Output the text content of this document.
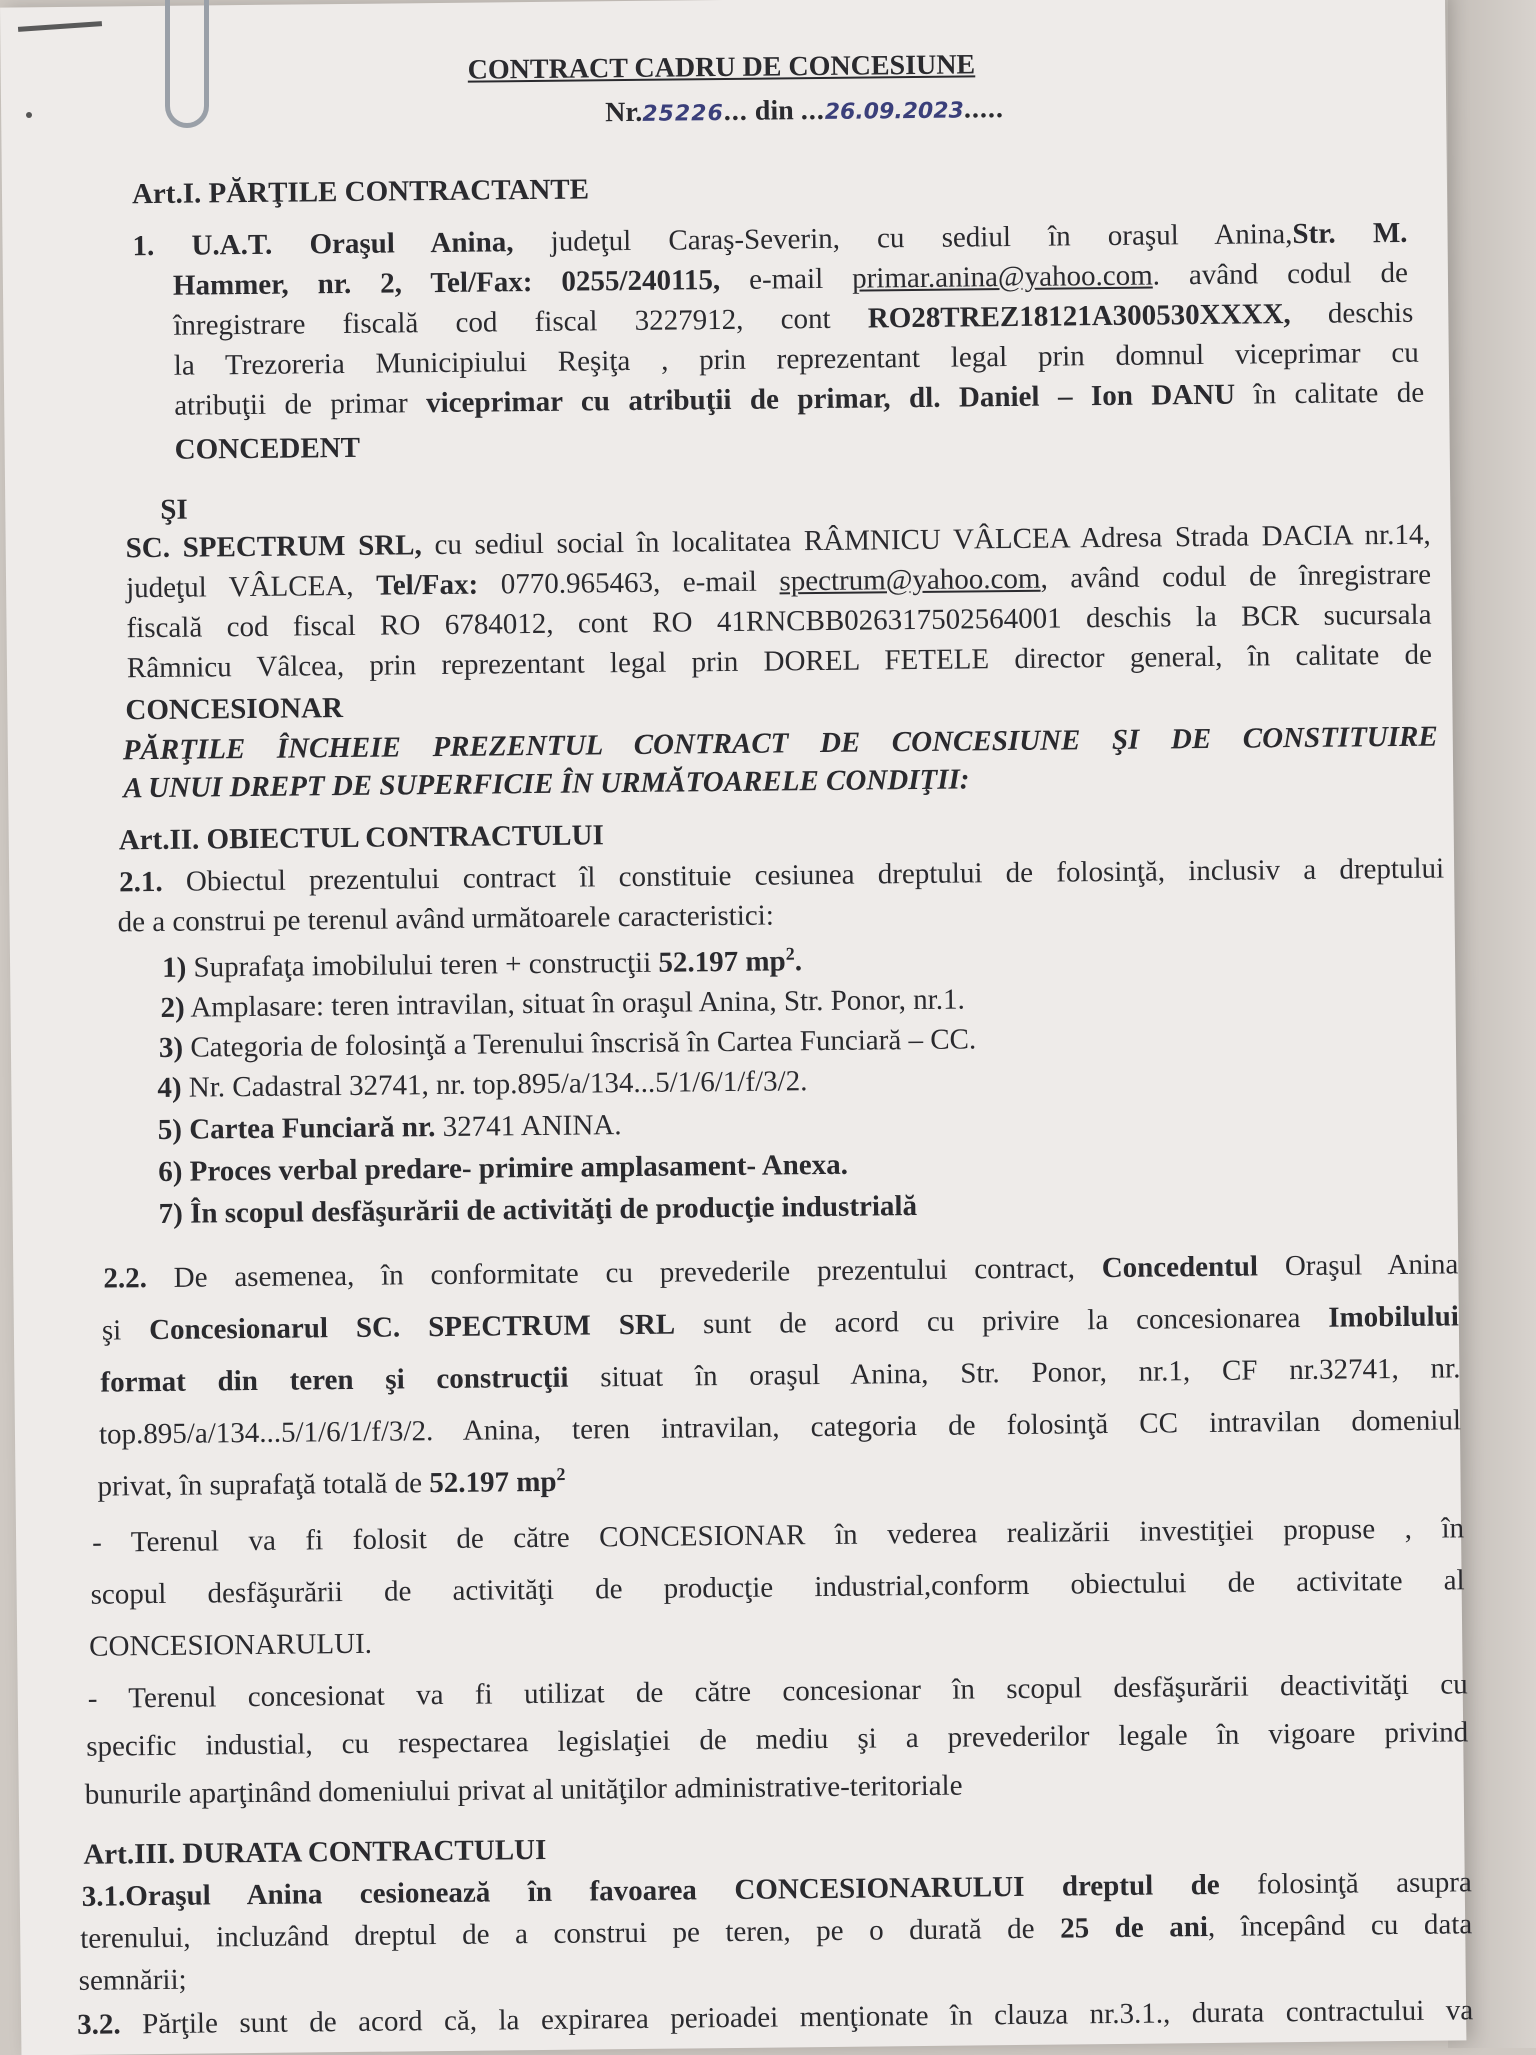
CONTRACT CADRU DE CONCESIUNE
Nr.25226... din ...26.09.2023.....
Art.I. PĂRŢILE CONTRACTANTE
1. U.A.T. Oraşul Anina, judeţul Caraş-Severin, cu sediul în oraşul Anina,Str. M.
Hammer, nr. 2, Tel/Fax: 0255/240115, e-mail primar.anina@yahoo.com. având codul de
înregistrare fiscală cod fiscal 3227912, cont RO28TREZ18121A300530XXXX, deschis
la Trezoreria Municipiului Reşiţa , prin reprezentant legal prin domnul viceprimar cu
atribuţii de primar viceprimar cu atribuţii de primar, dl. Daniel – Ion DANU în calitate de
CONCEDENT
ŞI
SC. SPECTRUM SRL, cu sediul social în localitatea RÂMNICU VÂLCEA Adresa Strada DACIA nr.14,
judeţul VÂLCEA, Tel/Fax: 0770.965463, e-mail spectrum@yahoo.com, având codul de înregistrare
fiscală cod fiscal RO 6784012, cont RO 41RNCBB026317502564001 deschis la BCR sucursala
Râmnicu Vâlcea, prin reprezentant legal prin DOREL FETELE director general, în calitate de
CONCESIONAR
PĂRŢILE ÎNCHEIE PREZENTUL CONTRACT DE CONCESIUNE ŞI DE CONSTITUIRE
A UNUI DREPT DE SUPERFICIE ÎN URMĂTOARELE CONDIŢII:
Art.II. OBIECTUL CONTRACTULUI
2.1. Obiectul prezentului contract îl constituie cesiunea dreptului de folosinţă, inclusiv a dreptului
de a construi pe terenul având următoarele caracteristici:
1) Suprafaţa imobilului teren + construcţii 52.197 $mp^2$.
2) Amplasare: teren intravilan, situat în oraşul Anina, Str. Ponor, nr.1.
3) Categoria de folosinţă a Terenului înscrisă în Cartea Funciară – CC.
4) Nr. Cadastral 32741, nr. top.895/a/134...5/1/6/1/f/3/2.
5) Cartea Funciară nr. 32741 ANINA.
6) Proces verbal predare- primire amplasament- Anexa.
7) În scopul desfăşurării de activităţi de producţie industrială
2.2. De asemenea, în conformitate cu prevederile prezentului contract, Concedentul Oraşul Anina
şi Concesionarul SC. SPECTRUM SRL sunt de acord cu privire la concesionarea Imobilului
format din teren şi construcţii situat în oraşul Anina, Str. Ponor, nr.1, CF nr.32741, nr.
top.895/a/134...5/1/6/1/f/3/2. Anina, teren intravilan, categoria de folosinţă CC intravilan domeniul
privat, în suprafaţă totală de 52.197 $mp^2$
- Terenul va fi folosit de către CONCESIONAR în vederea realizării investiţiei propuse , în
scopul desfăşurării de activităţi de producţie industrial,conform obiectului de activitate al
CONCESIONARULUI.
- Terenul concesionat va fi utilizat de către concesionar în scopul desfăşurării deactivităţi cu
specific industial, cu respectarea legislaţiei de mediu şi a prevederilor legale în vigoare privind
bunurile aparţinând domeniului privat al unităţilor administrative-teritoriale
Art.III. DURATA CONTRACTULUI
3.1.Oraşul Anina cesionează în favoarea CONCESIONARULUI dreptul de folosinţă asupra
terenului, incluzând dreptul de a construi pe teren, pe o durată de 25 de ani, începând cu data
semnării;
3.2. Părţile sunt de acord că, la expirarea perioadei menţionate în clauza nr.3.1., durata contractului va
